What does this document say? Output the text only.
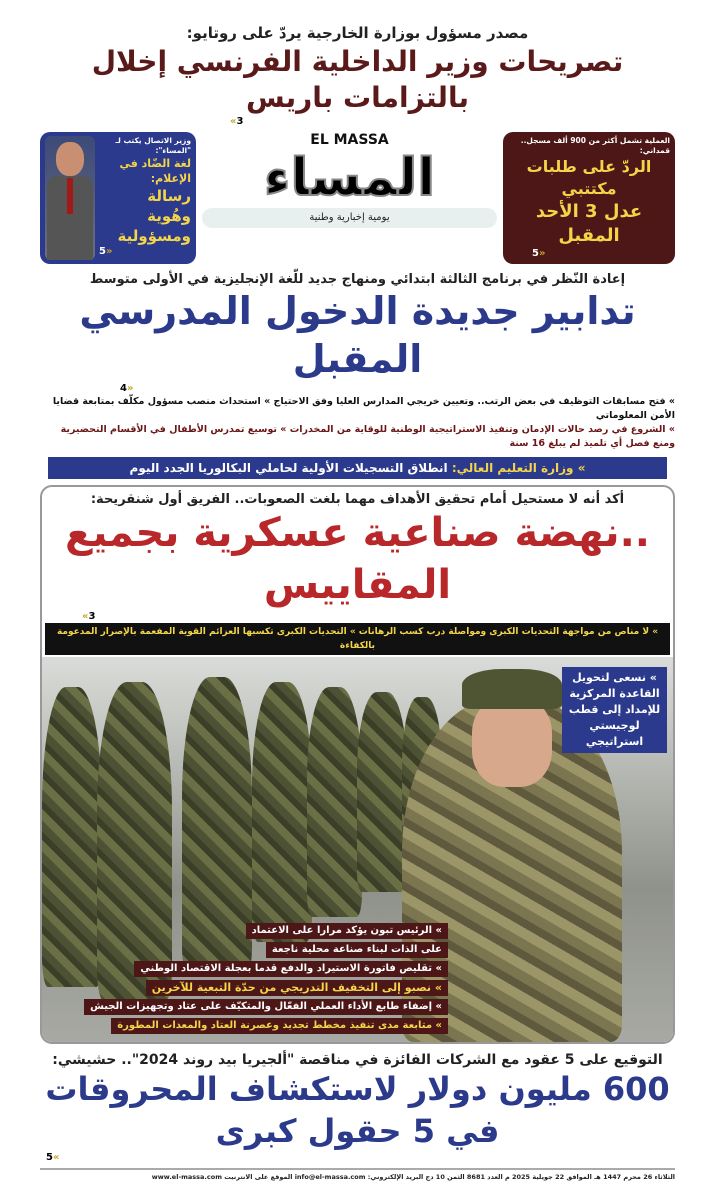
مصدر مسؤول بوزارة الخارجية يردّ على روتايو:
تصريحات وزير الداخلية الفرنسي إخلال بالتزامات باريس
«3
العملية تشمل أكثر من 900 ألف مسجل.. قمداني:
الردّ على طلبات مكتتبي
عدل 3 الأحد المقبل
5»
EL MASSA
المساء
يومية إخبارية وطنية
وزير الاتصال يكتب لـ "المساء":
لغة الضّاد في الإعلام:
رسالة وهُوية
ومسؤولية
5»
إعادة النّظر في برنامج الثالثة ابتدائي ومنهاج جديد للّغة الإنجليزية في الأولى متوسط
تدابير جديدة الدخول المدرسي المقبل
4»
» فتح مسابقات التوظيف في بعض الرتب.. وتعيين خريجي المدارس العليا وفق الاحتياج » استحداث منصب مسؤول مكلّف بمتابعة قضايا الأمن المعلوماتي
» الشروع في رصد حالات الإدمان وتنفيذ الاستراتيجية الوطنية للوقاية من المخدرات » توسيع تمدرس الأطفال في الأقسام التحضيرية ومنع فصل أي تلميذ لم يبلغ 16 سنة
» وزارة التعليم العالي: انطلاق التسجيلات الأولية لحاملي البكالوريا الجدد اليوم
أكد أنه لا مستحيل أمام تحقيق الأهداف مهما بلغت الصعوبات.. الفريق أول شنقريحة:
..نهضة صناعية عسكرية بجميع المقاييس
«3
» لا مناص من مواجهة التحديات الكبرى ومواصلة درب كسب الرهانات » التحديات الكبرى تكسبها العزائم القوية المفعمة بالإصرار المدعومة بالكفاءة
» نسعى لتحويل القاعدة المركزية للإمداد إلى قطب لوجيستي استراتيجي
» الرئيس تبون يؤكد مرارا على الاعتماد
على الذات لبناء صناعة محلية ناجعة
» تقليص فاتورة الاستيراد والدفع قدما بعجلة الاقتصاد الوطني
» نصبو إلى التخفيف التدريجي من حدّة التبعية للآخرين
» إضفاء طابع الأداء العملي الفعّال والمتكيّف على عتاد وتجهيزات الجيش
» متابعة مدى تنفيذ مخطط تجديد وعصرنة العتاد والمعدات المطورة
التوقيع على 5 عقود مع الشركات الفائزة في مناقصة "ألجيريا بيد روند 2024".. حشيشي:
600 مليون دولار لاستكشاف المحروقات في 5 حقول كبرى
5«
الثلاثاء 26 محرم 1447 هـ الموافق 22 جويلية 2025 م العدد 8681 الثمن 10 دج البريد الإلكتروني: info@el-massa.com الموقع على الانترنيت www.el-massa.com
